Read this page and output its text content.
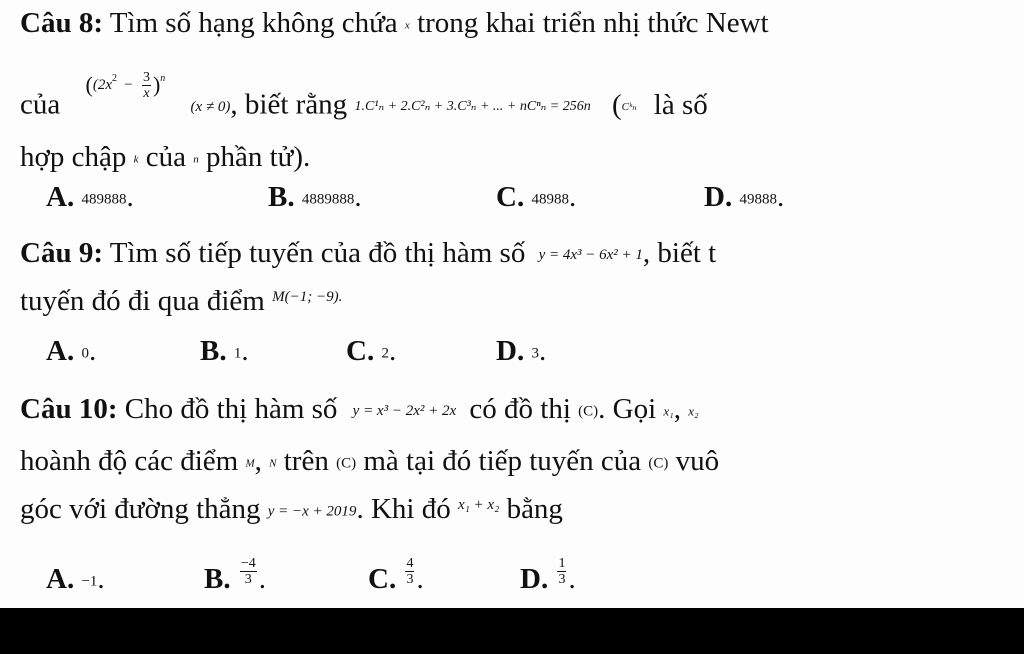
Câu 8: Tìm số hạng không chứa x trong khai triển nhị thức Newt
của ($(2x^2 - \frac{3}{x} )^n$ (x ≠ 0), biết rằng 1.C¹ₙ + 2.C²ₙ + 3.C³ₙ + ... + nCⁿₙ = 256n (Cᵏₙ là số
hợp chập k của n phần tử).
A. 489888.	B. 4889888.	C. 48988.	D. 49888.
Câu 9: Tìm số tiếp tuyến của đồ thị hàm số y = 4x³ − 6x² + 1, biết t
tuyến đó đi qua điểm $^{M(-1; -9).}$
A. 0.	B. 1.	C. 2.	D. 3.
Câu 10: Cho đồ thị hàm số y = x³ − 2x² + 2x có đồ thị (C). Gọi x₁, x₂
hoành độ các điểm M, N trên (C) mà tại đó tiếp tuyến của (C) vuô
góc với đường thẳng y = −x + 2019. Khi đó $^{x_1 + x_2}$ bằng
A. −1.	B. $\frac{-4}{3}$ .	C. $\frac{4}{3}$ .	D. $\frac{1}{3}$ .
